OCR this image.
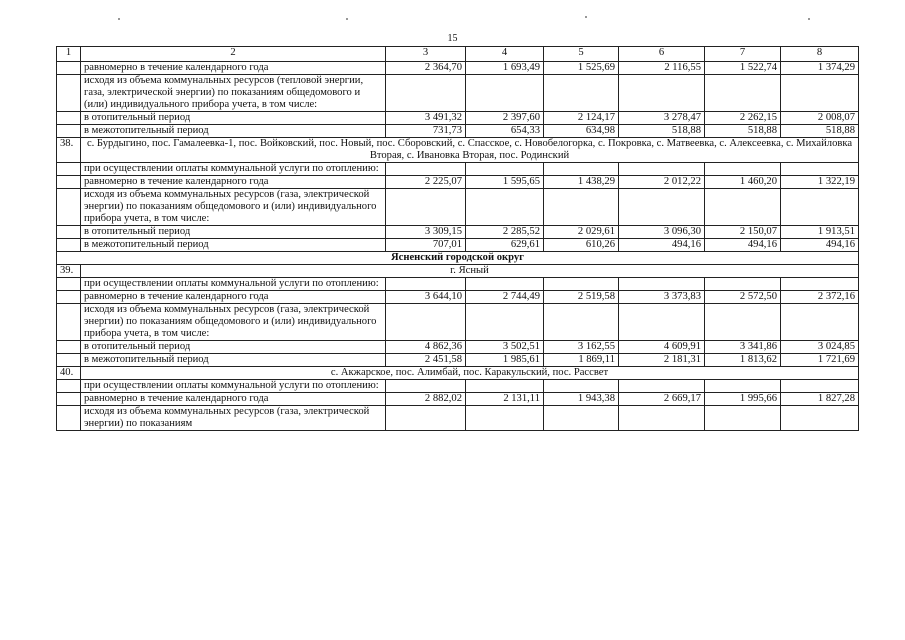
15
1	2	3	4	5	6	7	8
	равномерно в течение календарного года	2 364,70	1 693,49	1 525,69	2 116,55	1 522,74	1 374,29
	исходя из объема коммунальных ресурсов (тепловой энергии, газа, электрической энергии) по показаниям общедомового и (или) индивидуального прибора учета, в том числе:						
	в отопительный период	3 491,32	2 397,60	2 124,17	3 278,47	2 262,15	2 008,07
	в межотопительный период	731,73	654,33	634,98	518,88	518,88	518,88
38.	с. Бурдыгино, пос. Гамалеевка-1, пос. Войковский, пос. Новый, пос. Сборовский, с. Спасское, с. Новобелогорка, с. Покровка, с. Матвеевка, с. Алексеевка, с. Михайловка Вторая, с. Ивановка Вторая, пос. Родинский						
	при осуществлении оплаты коммунальной услуги по отоплению:						
	равномерно в течение календарного года	2 225,07	1 595,65	1 438,29	2 012,22	1 460,20	1 322,19
	исходя из объема коммунальных ресурсов (газа, электрической энергии) по показаниям общедомового и (или) индивидуального прибора учета, в том числе:						
	в отопительный период	3 309,15	2 285,52	2 029,61	3 096,30	2 150,07	1 913,51
	в межотопительный период	707,01	629,61	610,26	494,16	494,16	494,16
Ясненский городской округ							
39.	г. Ясный						
	при осуществлении оплаты коммунальной услуги по отоплению:						
	равномерно в течение календарного года	3 644,10	2 744,49	2 519,58	3 373,83	2 572,50	2 372,16
	исходя из объема коммунальных ресурсов (газа, электрической энергии) по показаниям общедомового и (или) индивидуального прибора учета, в том числе:						
	в отопительный период	4 862,36	3 502,51	3 162,55	4 609,91	3 341,86	3 024,85
	в межотопительный период	2 451,58	1 985,61	1 869,11	2 181,31	1 813,62	1 721,69
40.	с. Акжарское, пос. Алимбай, пос. Каракульский, пос. Рассвет						
	при осуществлении оплаты коммунальной услуги по отоплению:						
	равномерно в течение календарного года	2 882,02	2 131,11	1 943,38	2 669,17	1 995,66	1 827,28
	исходя из объема коммунальных ресурсов (газа, электрической энергии) по показаниям						
